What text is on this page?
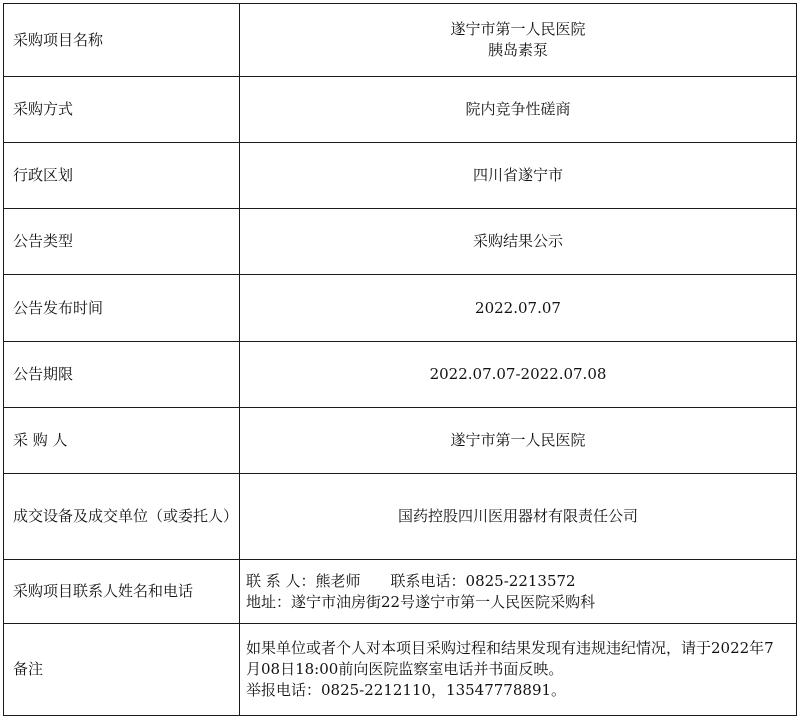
采购项目名称	遂宁市第一人民医院
胰岛素泵

采购方式	院内竞争性磋商
行政区划	四川省遂宁市
公告类型	采购结果公示
公告发布时间	2022.07.07
公告期限	2022.07.07-2022.07.08
采 购 人	遂宁市第一人民医院
成交设备及成交单位（或委托人）	国药控股四川医用器材有限责任公司
采购项目联系人姓名和电话	联 系 人：熊老师　　联系电话：0825-2213572
地址：遂宁市油房街22号遂宁市第一人民医院采购科

备注	如果单位或者个人对本项目采购过程和结果发现有违规违纪情况，请于2022年7月08日18:00前向医院监察室电话并书面反映。
举报电话：0825-2212110，13547778891。
